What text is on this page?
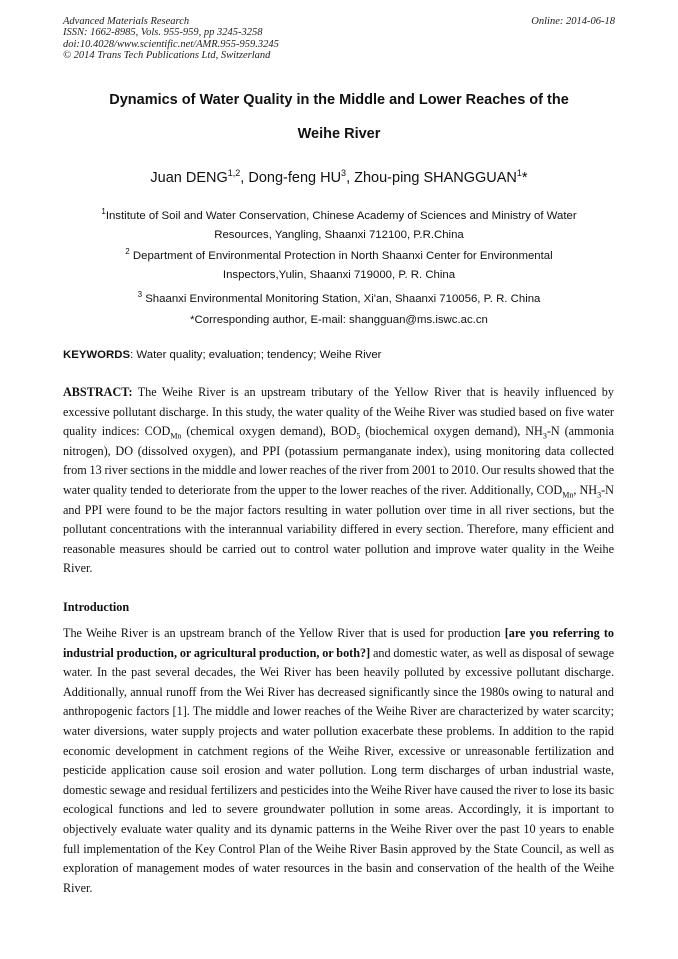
Advanced Materials Research
ISSN: 1662-8985, Vols. 955-959, pp 3245-3258
doi:10.4028/www.scientific.net/AMR.955-959.3245
© 2014 Trans Tech Publications Ltd, Switzerland
Online: 2014-06-18
Dynamics of Water Quality in the Middle and Lower Reaches of the
Weihe River
Juan DENG$^{1,2}$, Dong-feng $HU^3$, Zhou-ping SHANGGUAN$^1$*
$^1$Institute of Soil and Water Conservation, Chinese Academy of Sciences and Ministry of Water
Resources, Yangling, Shaanxi 712100, P.R.China
$^2$ Department of Environmental Protection in North Shaanxi Center for Environmental
Inspectors,Yulin, Shaanxi 719000, P. R. China
$^3$ Shaanxi Environmental Monitoring Station, Xi'an, Shaanxi 710056, P. R. China
*Corresponding author, E-mail: shangguan@ms.iswc.ac.cn
KEYWORDS: Water quality; evaluation; tendency; Weihe River
ABSTRACT: The Weihe River is an upstream tributary of the Yellow River that is heavily influenced by excessive pollutant discharge. In this study, the water quality of the Weihe River was studied based on five water quality indices: $COD_{Mn}$ (chemical oxygen demand), $BOD_5$ (biochemical oxygen demand), $NH_3-N$ (ammonia nitrogen), DO (dissolved oxygen), and PPI (potassium permanganate index), using monitoring data collected from 13 river sections in the middle and lower reaches of the river from 2001 to 2010. Our results showed that the water quality tended to deteriorate from the upper to the lower reaches of the river. Additionally, $COD_{Mn}$, $NH_3-N$ and PPI were found to be the major factors resulting in water pollution over time in all river sections, but the pollutant concentrations with the interannual variability differed in every section. Therefore, many efficient and reasonable measures should be carried out to control water pollution and improve water quality in the Weihe River.
Introduction
The Weihe River is an upstream branch of the Yellow River that is used for production [are you referring to industrial production, or agricultural production, or both?] and domestic water, as well as disposal of sewage water. In the past several decades, the Wei River has been heavily polluted by excessive pollutant discharge. Additionally, annual runoff from the Wei River has decreased significantly since the 1980s owing to natural and anthropogenic factors [1]. The middle and lower reaches of the Weihe River are characterized by water scarcity; water diversions, water supply projects and water pollution exacerbate these problems. In addition to the rapid economic development in catchment regions of the Weihe River, excessive or unreasonable fertilization and pesticide application cause soil erosion and water pollution. Long term discharges of urban industrial waste, domestic sewage and residual fertilizers and pesticides into the Weihe River have caused the river to lose its basic ecological functions and led to severe groundwater pollution in some areas. Accordingly, it is important to objectively evaluate water quality and its dynamic patterns in the Weihe River over the past 10 years to enable full implementation of the Key Control Plan of the Weihe River Basin approved by the State Council, as well as exploration of management modes of water resources in the basin and conservation of the health of the Weihe River.
